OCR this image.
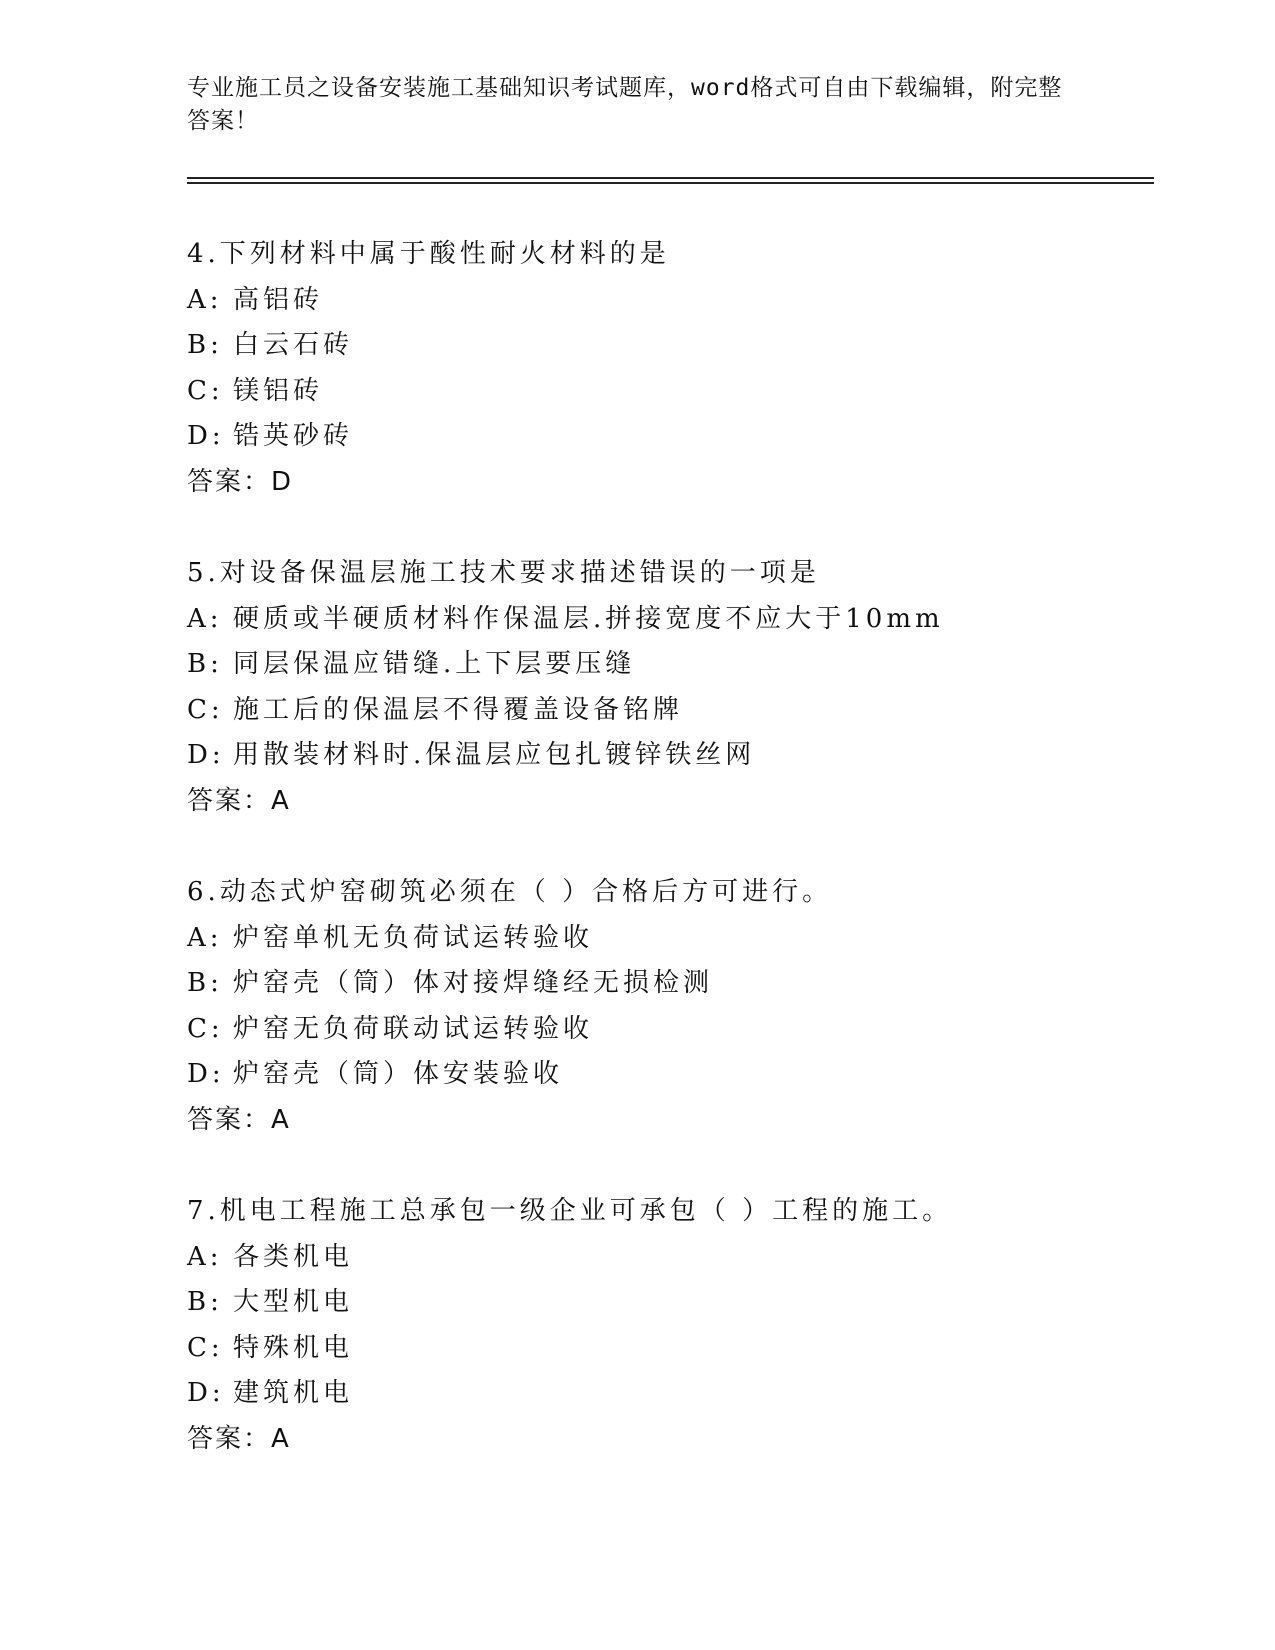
专业施工员之设备安装施工基础知识考试题库，word格式可自由下载编辑，附完整答案！
4.下列材料中属于酸性耐火材料的是
A: 高铝砖
B: 白云石砖
C: 镁铝砖
D: 锆英砂砖
答案：D
5.对设备保温层施工技术要求描述错误的一项是
A: 硬质或半硬质材料作保温层.拼接宽度不应大于10mm
B: 同层保温应错缝.上下层要压缝
C: 施工后的保温层不得覆盖设备铭牌
D: 用散装材料时.保温层应包扎镀锌铁丝网
答案：A
6.动态式炉窑砌筑必须在（ ）合格后方可进行。
A: 炉窑单机无负荷试运转验收
B: 炉窑壳（筒）体对接焊缝经无损检测
C: 炉窑无负荷联动试运转验收
D: 炉窑壳（筒）体安装验收
答案：A
7.机电工程施工总承包一级企业可承包（ ）工程的施工。
A: 各类机电
B: 大型机电
C: 特殊机电
D: 建筑机电
答案：A
